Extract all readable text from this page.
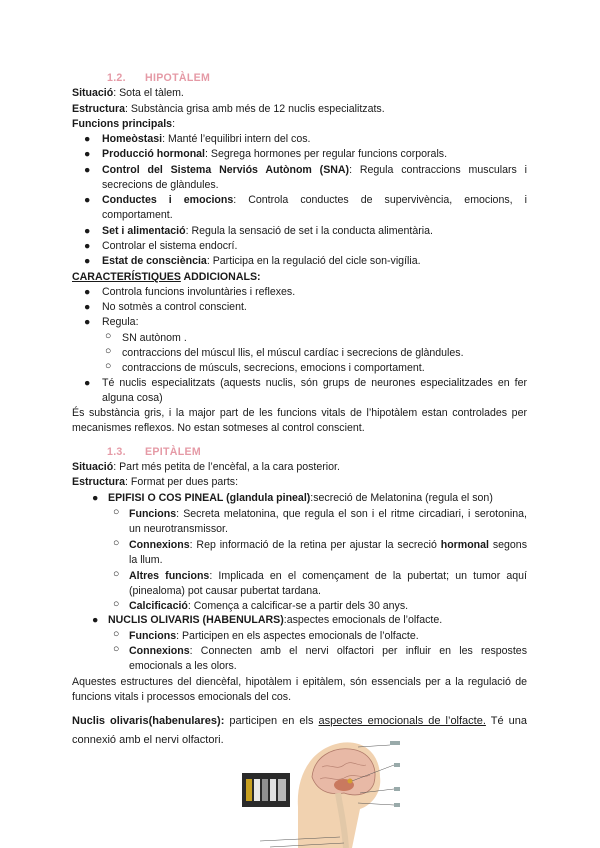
1.2. HIPOTÀLEM
Situació: Sota el tàlem.
Estructura: Substància grisa amb més de 12 nuclis especialitzats.
Funcions principals:
● Homeòstasi: Manté l’equilibri intern del cos.
● Producció hormonal: Segrega hormones per regular funcions corporals.
● Control del Sistema Nerviós Autònom (SNA): Regula contraccions musculars i secrecions de glàndules.
● Conductes i emocions: Controla conductes de supervivència, emocions, i comportament.
● Set i alimentació: Regula la sensació de set i la conducta alimentària.
● Controlar el sistema endocrí.
● Estat de consciència: Participa en la regulació del cicle son-vigília.
CARACTERÍSTIQUES ADDICIONALS:
● Controla funcions involuntàries i reflexes.
● No sotmès a control conscient.
● Regula:
○ SN autònom .
○ contraccions del múscul llis, el múscul cardíac i secrecions de glàndules.
○ contraccions de músculs, secrecions, emocions i comportament.
● Té nuclis especialitzats (aquests nuclis, són grups de neurones especialitzades en fer alguna cosa)
És substància gris, i la major part de les funcions vitals de l’hipotàlem estan controlades per mecanismes reflexos. No estan sotmeses al control conscient.
1.3. EPITÀLEM
Situació: Part més petita de l’encèfal, a la cara posterior.
Estructura: Format per dues parts:
● EPIFISI O COS PINEAL (glandula pineal):secreció de Melatonina (regula el son)
○ Funcions: Secreta melatonina, que regula el son i el ritme circadiari, i serotonina, un neurotransmissor.
○ Connexions: Rep informació de la retina per ajustar la secreció hormonal segons la llum.
○ Altres funcions: Implicada en el començament de la pubertat; un tumor aquí (pinealoma) pot causar pubertat tardana.
○ Calcificació: Comença a calcificar-se a partir dels 30 anys.
● NUCLIS OLIVARIS (HABENULARS):aspectes emocionals de l’olfacte.
○ Funcions: Participen en els aspectes emocionals de l’olfacte.
○ Connexions: Connecten amb el nervi olfactori per influir en les respostes emocionals a les olors.
Aquestes estructures del diencèfal, hipotàlem i epitàlem, són essencials per a la regulació de funcions vitals i processos emocionals del cos.
Nuclis olivaris(habenulares): participen en els aspectes emocionals de l’olfacte. Té una connexió amb el nervi olfactori.
